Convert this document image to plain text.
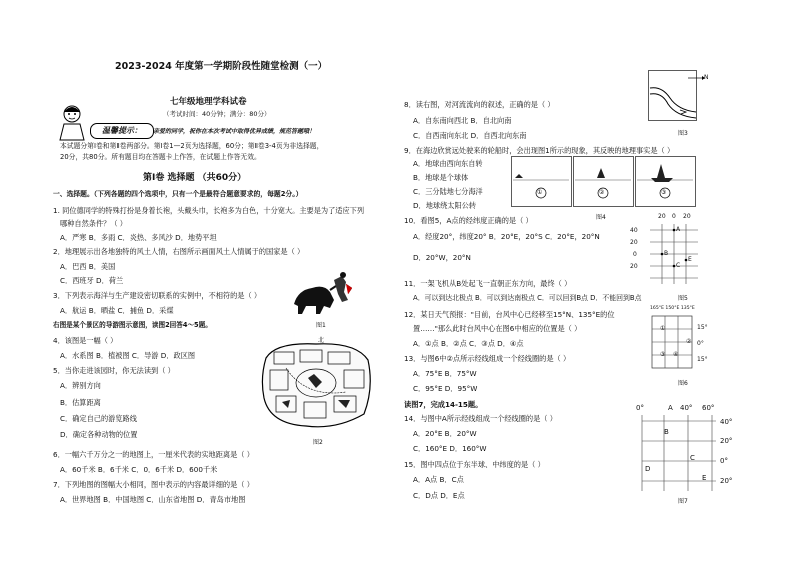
2023-2024 年度第一学期阶段性随堂检测（一）
七年级地理学科试卷
（考试时间：40分钟；满分：80分）
温馨提示：	亲爱的同学，祝你在本次考试中取得优异成绩，规范答题哦！
本试题分第Ⅰ卷和第Ⅱ卷两部分。第Ⅰ卷1—2页为选择题，60分；第Ⅱ卷3-4页为非选择题，
20分，共80分。所有题目均在答题卡上作答，在试题上作答无效。
第Ⅰ卷 选择题 （共60分）
一、选择题。（下列各题的四个选项中，只有一个是最符合题意要求的，每题2分。）
1. 同位德同学的特殊打扮是身着长袍，头戴头巾，长袍多为白色，十分宽大。主要是为了适应下列
哪种自然条件？（ ）
A．严寒 B．多雨 C．炎热、多风沙 D．地势平坦
2．地理展示出各地独特的风土人情，右图所示画面风土人情属于的国家是（ ）
A．巴西 B．美国
C．西班牙 D．荷兰
3．下列表示海洋与生产建设密切联系的实例中，不相符的是（ ）
A．航运 B．晒盐 C．捕鱼 D．采煤
右图是某个景区的导游图示意图，读图2回答4～5题。
4．该图是一幅（ ）
A．水系图 B．植被图 C．导游 D．政区图
5．当你走进该园时，你无法读到（ ）
A．辨别方向
B．估算距离
C．确定自己的游览路线
D．确定各种动物的位置
6．一幅六千万分之一的地图上，一厘米代表的实地距离是（ ）
A．60千米 B．6千米 C．0．6千米 D．600千米
7．下列地图的图幅大小相同，图中表示的内容最详细的是（ ）
A．世界地图 B．中国地图 C．山东省地图 D．青岛市地图
图1
北
图2
8．读右图，对河流流向的叙述，正确的是（ ）
A．自东南向西北 B．自北向南
C．自西南向东北 D．自西北向东南
9．在海边欣赏远处驶来的轮船时，会出现图1所示的现象，其反映的地理事实是（ ）
A．地球由西向东自转
B．地球是个球体
C．三分陆地七分海洋
D．地球绕太阳公转
10．看图5，A点的经纬度正确的是（ ）
A．经度20°，纬度20° B．20°E，20°S C．20°E，20°N
D．20°W，20°N
11．一架飞机从B处起飞一直朝正东方向，最终（ ）
A．可以到达北极点 B．可以到达南极点 C．可以回到B点 D．不能回到B点
12．某日天气预报："目前，台风中心已经移至15°N、135°E的位
置……"那么此时台风中心在图6中相应的位置是（ ）
A．①点 B．②点 C．③点 D．④点
13．与图6中②点所示经线组成一个经线圈的是（ ）
A．75°E B．75°W
C．95°E D．95°W
读图7，完成14-15题。
14．与图中A所示经线组成一个经线圈的是（ ）
A．20°E B．20°W
C．160°E D．160°W
15．图中四点位于东半球、中纬度的是（ ）
A．A点 B．C点
C．D点 D．E点
N
图3
①	②	③
图4	20 0 20
40
20
0
20
A
B
C
E
图5
165°E 150°E 135°E
15°
0°
15°
①
②
③ ④
图6
0°	A 40° 60°
40°
20°
0°
20°
B
C
D
E
图7
